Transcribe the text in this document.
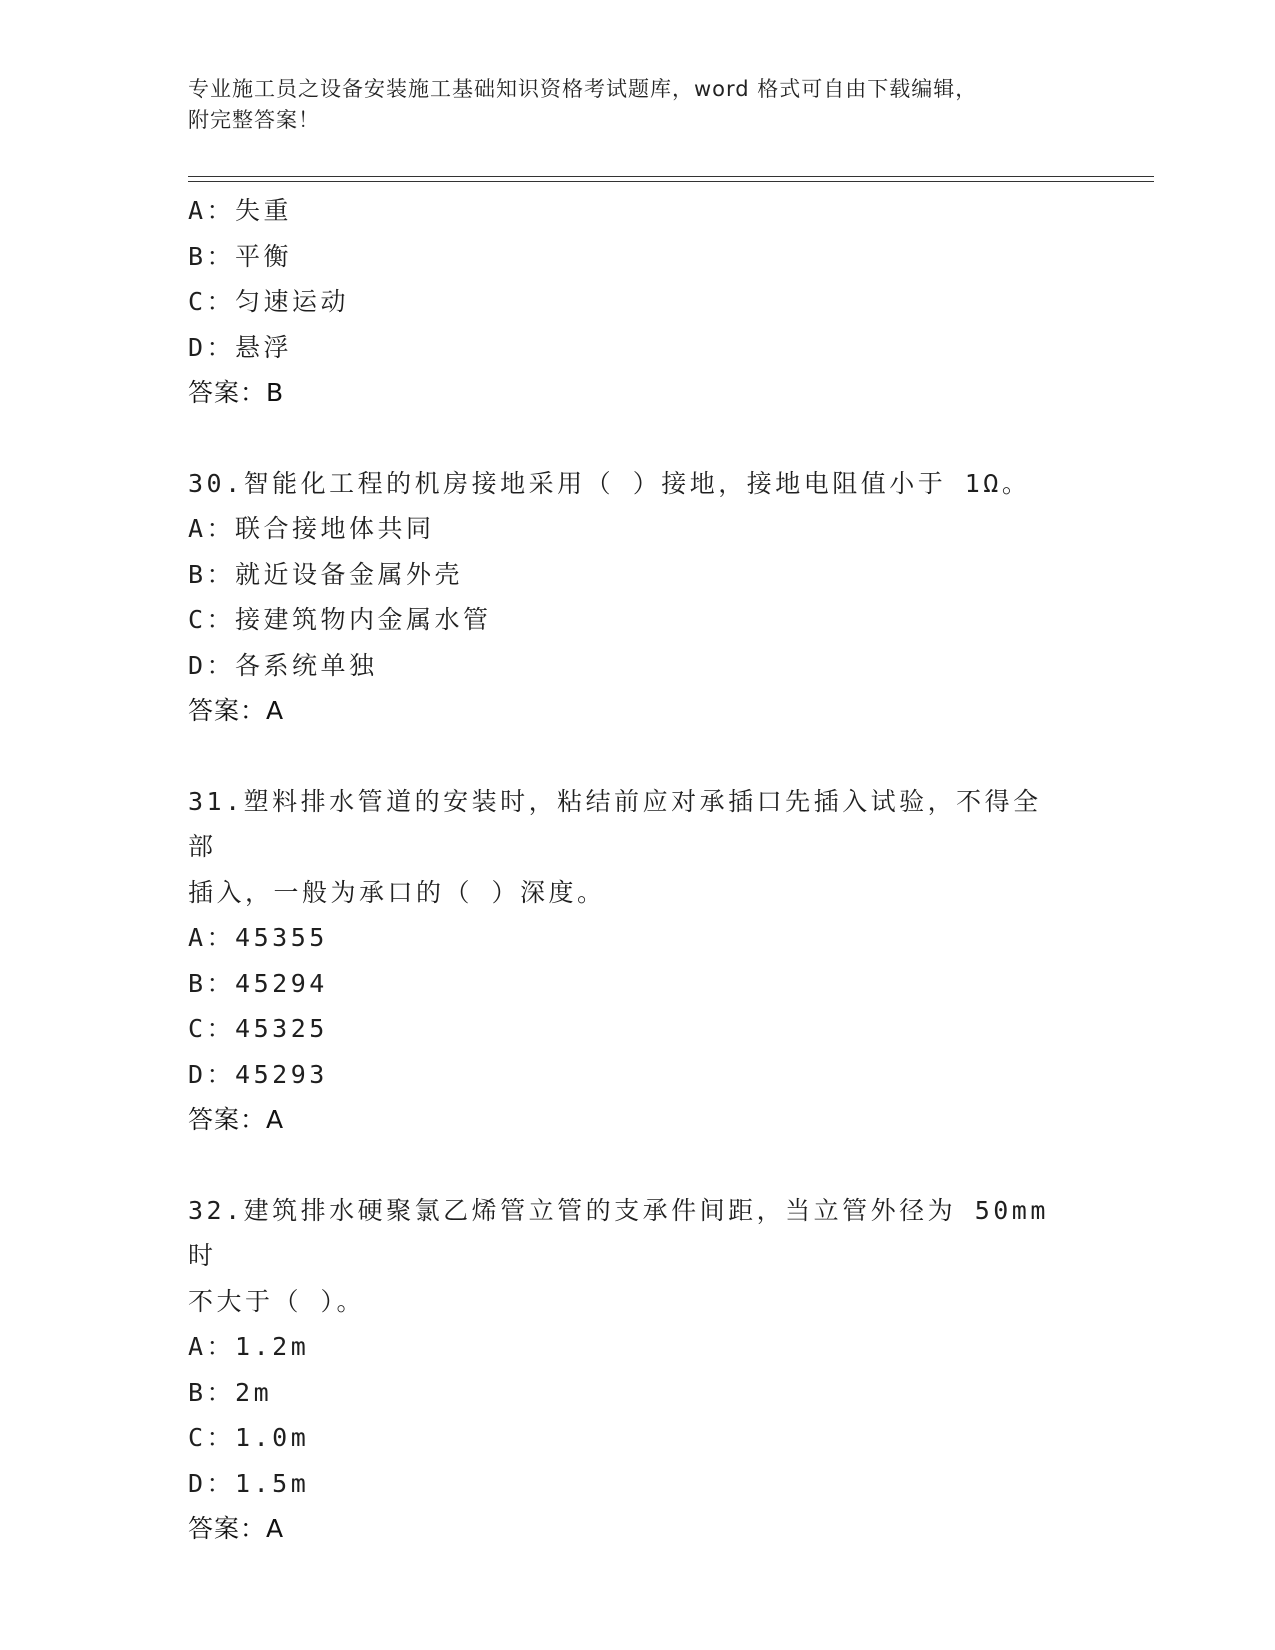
专业施工员之设备安装施工基础知识资格考试题库，word 格式可自由下载编辑，
附完整答案！
A：失重
B：平衡
C：匀速运动
D：悬浮
答案：B
30.智能化工程的机房接地采用（ ）接地，接地电阻值小于 1Ω。
A：联合接地体共同
B：就近设备金属外壳
C：接建筑物内金属水管
D：各系统单独
答案：A
31.塑料排水管道的安装时，粘结前应对承插口先插入试验，不得全部
插入，一般为承口的（ ）深度。
A：45355
B：45294
C：45325
D：45293
答案：A
32.建筑排水硬聚氯乙烯管立管的支承件间距，当立管外径为 50mm 时
不大于（ ）。
A：1.2m
B：2m
C：1.0m
D：1.5m
答案：A
